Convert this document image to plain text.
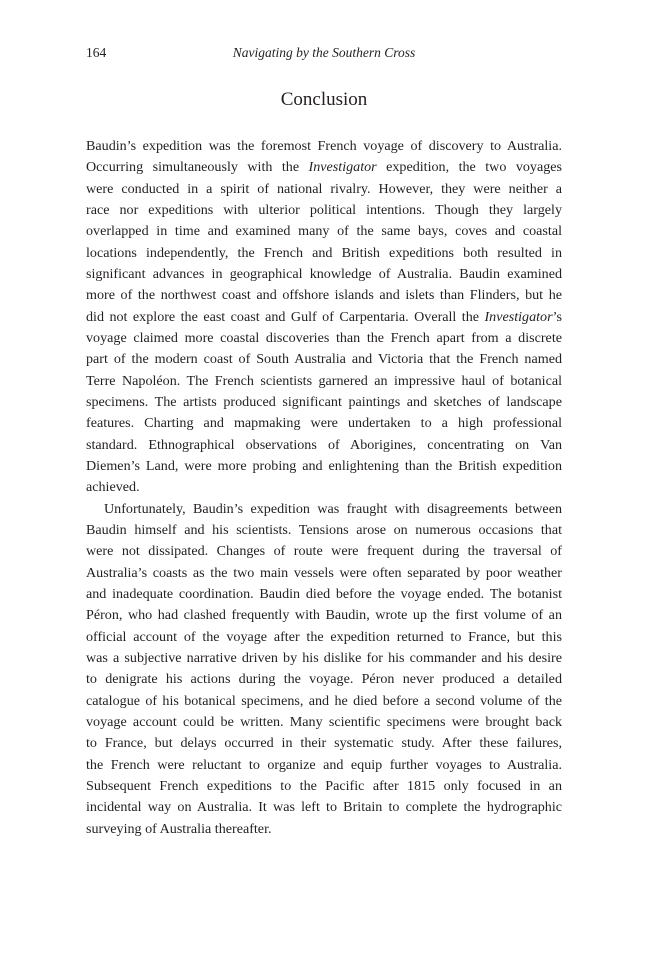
164	Navigating by the Southern Cross
Conclusion
Baudin’s expedition was the foremost French voyage of discovery to Australia.
Occurring simultaneously with the Investigator expedition, the two voyages
were conducted in a spirit of national rivalry. However, they were neither a
race nor expeditions with ulterior political intentions. Though they largely
overlapped in time and examined many of the same bays, coves and coastal
locations independently, the French and British expeditions both resulted in
significant advances in geographical knowledge of Australia. Baudin examined
more of the northwest coast and offshore islands and islets than Flinders, but he
did not explore the east coast and Gulf of Carpentaria. Overall the Investigator’s
voyage claimed more coastal discoveries than the French apart from a discrete
part of the modern coast of South Australia and Victoria that the French named
Terre Napoléon. The French scientists garnered an impressive haul of botanical
specimens. The artists produced significant paintings and sketches of landscape
features. Charting and mapmaking were undertaken to a high professional
standard. Ethnographical observations of Aborigines, concentrating on Van
Diemen’s Land, were more probing and enlightening than the British expedition
achieved.
Unfortunately, Baudin’s expedition was fraught with disagreements between
Baudin himself and his scientists. Tensions arose on numerous occasions that
were not dissipated. Changes of route were frequent during the traversal of
Australia’s coasts as the two main vessels were often separated by poor weather
and inadequate coordination. Baudin died before the voyage ended. The botanist
Péron, who had clashed frequently with Baudin, wrote up the first volume of an
official account of the voyage after the expedition returned to France, but this
was a subjective narrative driven by his dislike for his commander and his desire
to denigrate his actions during the voyage. Péron never produced a detailed
catalogue of his botanical specimens, and he died before a second volume of the
voyage account could be written. Many scientific specimens were brought back
to France, but delays occurred in their systematic study. After these failures,
the French were reluctant to organize and equip further voyages to Australia.
Subsequent French expeditions to the Pacific after 1815 only focused in an
incidental way on Australia. It was left to Britain to complete the hydrographic
surveying of Australia thereafter.
